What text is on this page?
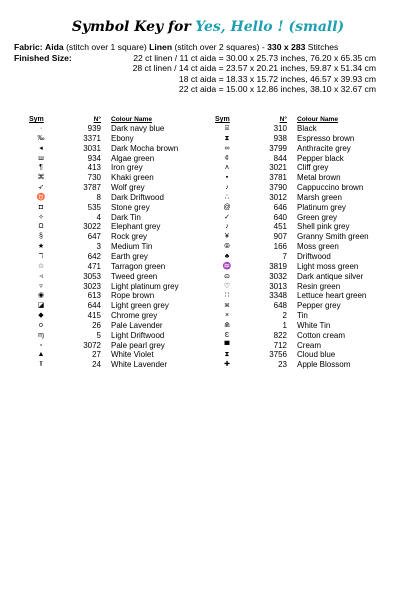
Symbol Key for Yes, Hello ! (small)
Fabric: Aida (stitch over 1 square) Linen (stitch over 2 squares) - 330 x 283 Stitches
Finished Size:	22 ct linen / 11 ct aida = 30.00 x 25.73 inches, 76.20 x 65.35 cm
28 ct linen / 14 ct aida = 23.57 x 20.21 inches, 59.87 x 51.34 cm
18 ct aida = 18.33 x 15.72 inches, 46.57 x 39.93 cm
22 ct aida = 15.00 x 12.86 inches, 38.10 x 32.67 cm
Sym	N° Colour Name
·	939 Dark navy blue
‰	3371 Ebony
◂	3031 Dark Mocha brown
ш	934 Algae green
¶	413 Iron grey
⌘	730 Khaki green
➶	3787 Wolf grey
♉	8 Dark Driftwood
◘	535 Stone grey
✧	4 Dark Tin
Ω	3022 Elephant grey
§	647 Rock grey
★	3 Medium Tin
ℸ	642 Earth grey
☆	471 Tarragon green
◃	3053 Tweed green
▿	3023 Light platinum grey
◉	613 Rope brown
◪	644 Light green grey
◆	415 Chrome grey
o	26 Pale Lavender
ɱ	5 Light Driftwood
▫	3072 Pale pearl grey
▲	27 White Violet
⫪	24 White Lavender
Sym	N° Colour Name
⌸	310 Black
⧗	938 Espresso brown
∞	3799 Anthracite grey
¢	844 Pepper black
ʌ	3021 Cliff grey
▪	3781 Metal brown
♪	3790 Cappuccino brown
∴	3012 Marsh green
@	646 Platinum grey
✓	640 Green grey
♪	451 Shell pink grey
¥	907 Granny Smith green
⦾	166 Moss green
♣	7 Driftwood
♒	3819 Light moss green
ɷ	3032 Dark antique silver
♡	3013 Resin green
∷	3348 Lettuce heart green
ж	648 Pepper grey
×	2 Tin
⋒	1 White Tin
Ɛ	822 Cotton cream
▀	712 Cream
⧗	3756 Cloud blue
✚	23 Apple Blossom
